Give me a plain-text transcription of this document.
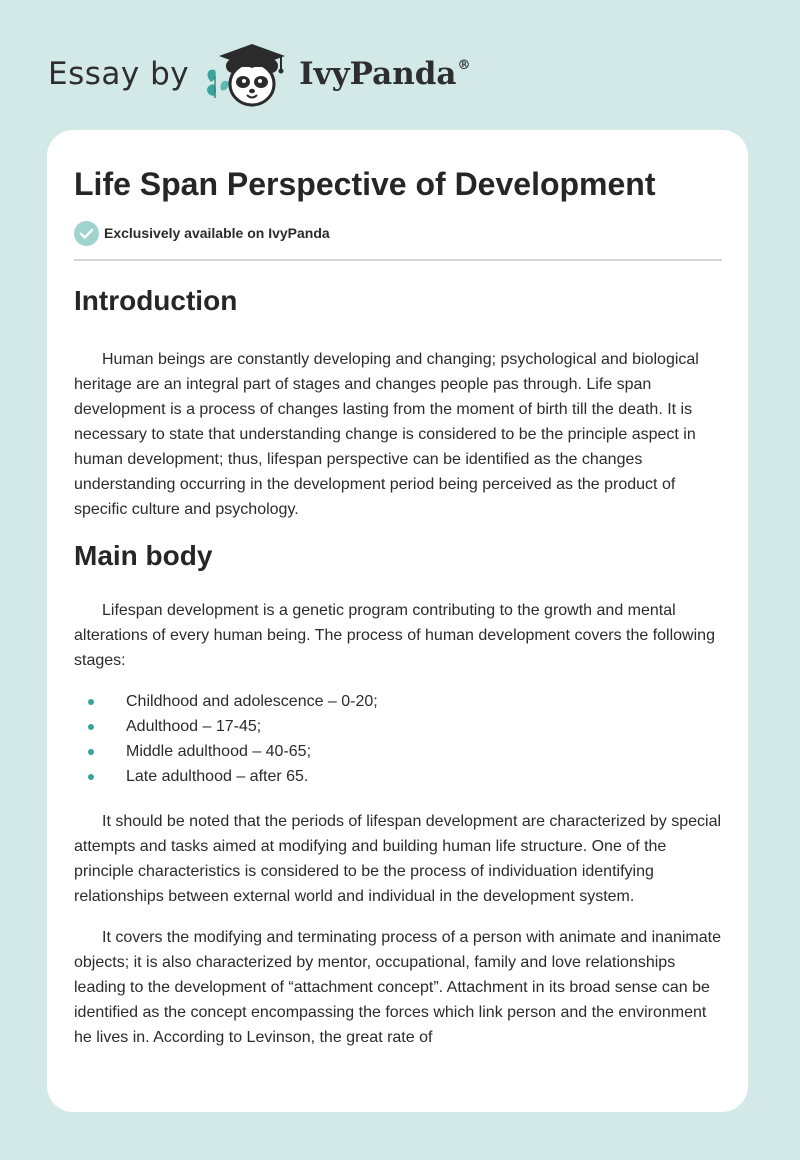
Essay by	IvyPanda®
Life Span Perspective of Development
Exclusively available on IvyPanda
Introduction

Human beings are constantly developing and changing; psychological and biological heritage are an integral part of stages and changes people pas through. Life span development is a process of changes lasting from the moment of birth till the death. It is necessary to state that understanding change is considered to be the principle aspect in human development; thus, lifespan perspective can be identified as the changes understanding occurring in the development period being perceived as the product of specific culture and psychology.

Main body

Lifespan development is a genetic program contributing to the growth and mental alterations of every human being. The process of human development covers the following stages:

Childhood and adolescence – 0-20;
Adulthood – 17-45;
Middle adulthood – 40-65;
Late adulthood – after 65.

It should be noted that the periods of lifespan development are characterized by special attempts and tasks aimed at modifying and building human life structure. One of the principle characteristics is considered to be the process of individuation identifying relationships between external world and individual in the development system.

It covers the modifying and terminating process of a person with animate and inanimate objects; it is also characterized by mentor, occupational, family and love relationships leading to the development of “attachment concept”. Attachment in its broad sense can be identified as the concept encompassing the forces which link person and the environment he lives in. According to Levinson, the great rate of
